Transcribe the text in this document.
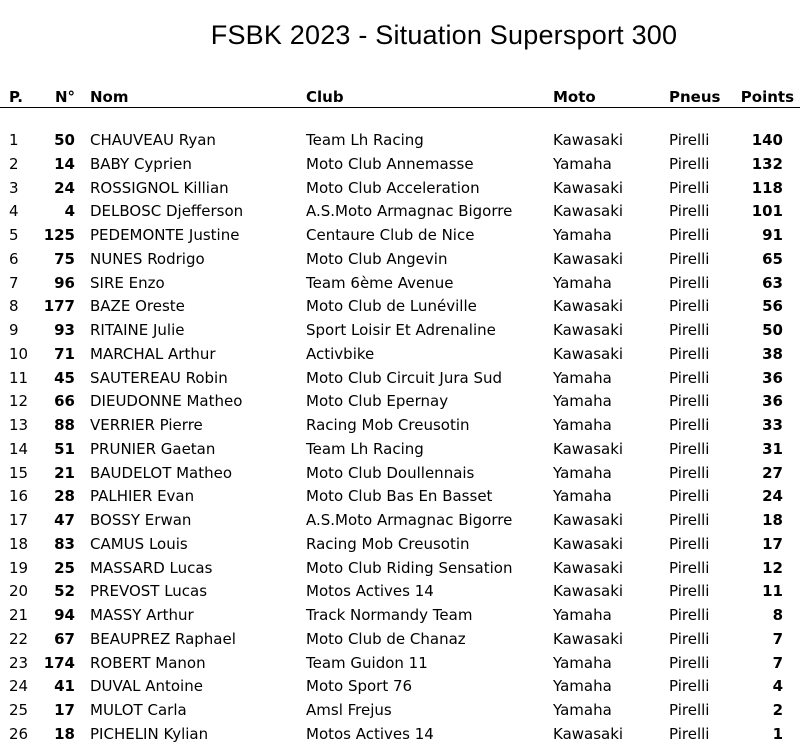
FSBK 2023 - Situation Supersport 300
P. N° Nom	Club	Moto	Pneus Points
1 50 CHAUVEAU Ryan	Team Lh Racing	Kawasaki	Pirelli	140
2 14 BABY Cyprien	Moto Club Annemasse	Yamaha	Pirelli	132
3 24 ROSSIGNOL Killian	Moto Club Acceleration	Kawasaki	Pirelli	118
4	4 DELBOSC Djefferson	A.S.Moto Armagnac Bigorre	Kawasaki	Pirelli	101
5 125 PEDEMONTE Justine	Centaure Club de Nice	Yamaha	Pirelli	91
6 75 NUNES Rodrigo	Moto Club Angevin	Kawasaki	Pirelli	65
7 96 SIRE Enzo	Team 6ème Avenue	Yamaha	Pirelli	63
8 177 BAZE Oreste	Moto Club de Lunéville	Kawasaki	Pirelli	56
9 93 RITAINE Julie	Sport Loisir Et Adrenaline	Kawasaki	Pirelli	50
10 71 MARCHAL Arthur	Activbike	Kawasaki	Pirelli	38
11 45 SAUTEREAU Robin	Moto Club Circuit Jura Sud	Yamaha	Pirelli	36
12 66 DIEUDONNE Matheo	Moto Club Epernay	Yamaha	Pirelli	36
13 88 VERRIER Pierre	Racing Mob Creusotin	Yamaha	Pirelli	33
14 51 PRUNIER Gaetan	Team Lh Racing	Kawasaki	Pirelli	31
15 21 BAUDELOT Matheo	Moto Club Doullennais	Yamaha	Pirelli	27
16 28 PALHIER Evan	Moto Club Bas En Basset	Yamaha	Pirelli	24
17 47 BOSSY Erwan	A.S.Moto Armagnac Bigorre	Kawasaki	Pirelli	18
18 83 CAMUS Louis	Racing Mob Creusotin	Kawasaki	Pirelli	17
19 25 MASSARD Lucas	Moto Club Riding Sensation	Kawasaki	Pirelli	12
20 52 PREVOST Lucas	Motos Actives 14	Kawasaki	Pirelli	11
21 94 MASSY Arthur	Track Normandy Team	Yamaha	Pirelli	8
22 67 BEAUPREZ Raphael	Moto Club de Chanaz	Kawasaki	Pirelli	7
23 174 ROBERT Manon	Team Guidon 11	Yamaha	Pirelli	7
24 41 DUVAL Antoine	Moto Sport 76	Yamaha	Pirelli	4
25 17 MULOT Carla	Amsl Frejus	Yamaha	Pirelli	2
26 18 PICHELIN Kylian	Motos Actives 14	Kawasaki	Pirelli	1
